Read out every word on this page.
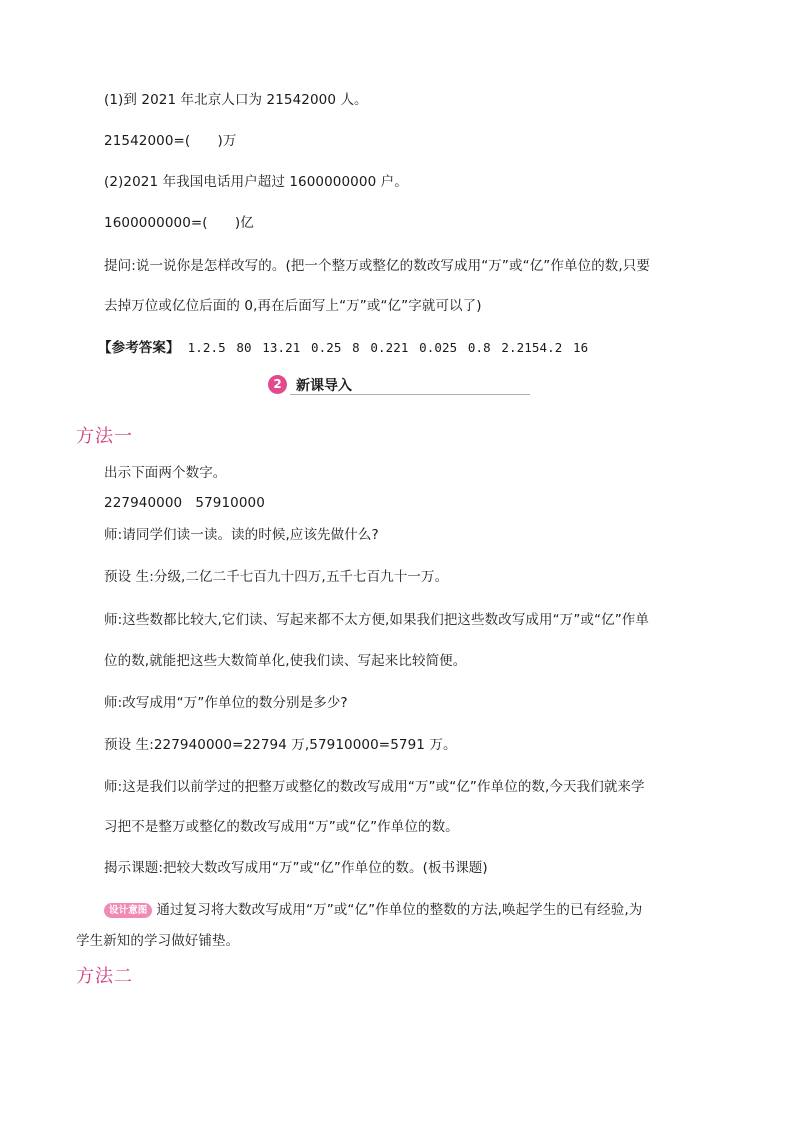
(1)到 2021 年北京人口为 21542000 人。
21542000=(　　)万
(2)2021 年我国电话用户超过 1600000000 户。
1600000000=(　　)亿
提问:说一说你是怎样改写的。(把一个整万或整亿的数改写成用“万”或“亿”作单位的数,只要
去掉万位或亿位后面的 0,再在后面写上“万”或“亿”字就可以了)
【参考答案】 1.2.5 80 13.21 0.25 8 0.221 0.025 0.8 2.2154.2 16
2	新课导入
方法一
出示下面两个数字。
227940000   57910000
师:请同学们读一读。读的时候,应该先做什么?
预设 生:分级,二亿二千七百九十四万,五千七百九十一万。
师:这些数都比较大,它们读、写起来都不太方便,如果我们把这些数改写成用“万”或“亿”作单
位的数,就能把这些大数简单化,使我们读、写起来比较简便。
师:改写成用“万”作单位的数分别是多少?
预设 生:227940000=22794 万,57910000=5791 万。
师:这是我们以前学过的把整万或整亿的数改写成用“万”或“亿”作单位的数,今天我们就来学
习把不是整万或整亿的数改写成用“万”或“亿”作单位的数。
揭示课题:把较大数改写成用“万”或“亿”作单位的数。(板书课题)
设计意图 通过复习将大数改写成用“万”或“亿”作单位的整数的方法,唤起学生的已有经验,为
学生新知的学习做好铺垫。
方法二
